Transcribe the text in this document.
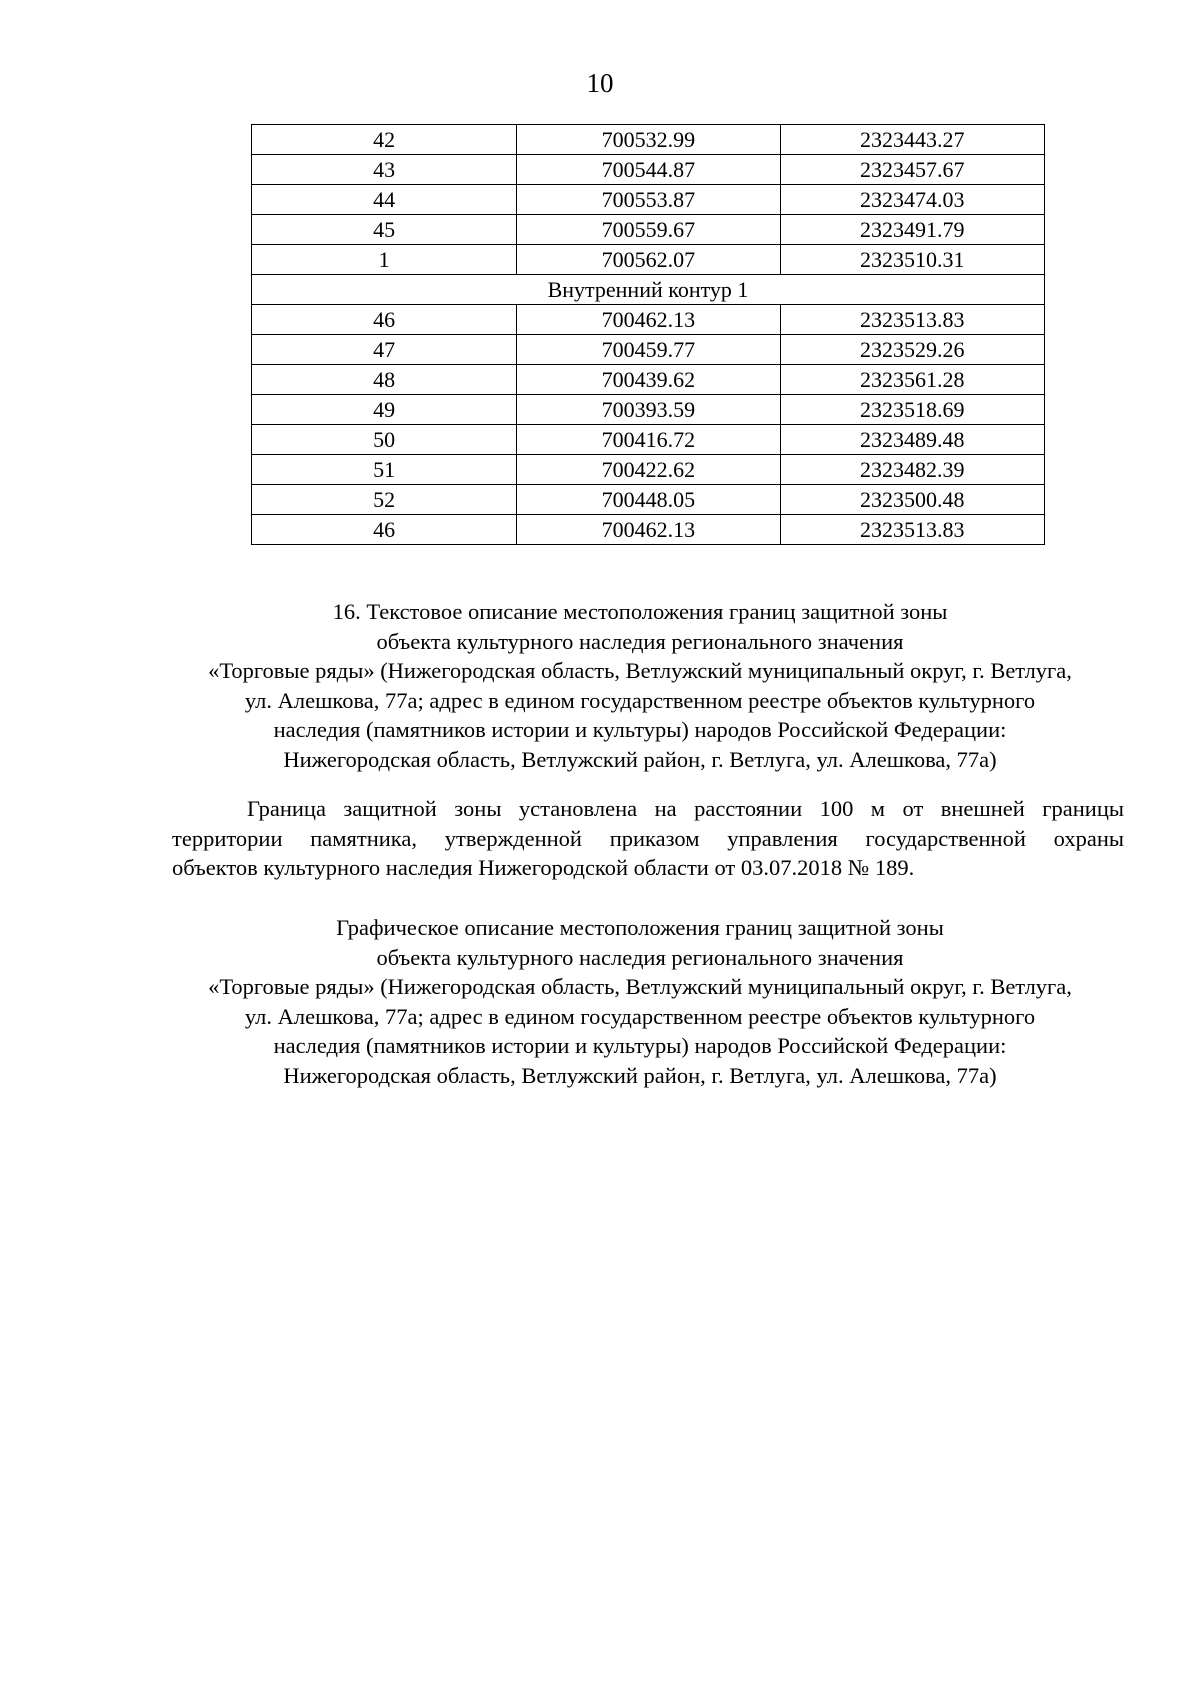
10
42	700532.99	2323443.27
43	700544.87	2323457.67
44	700553.87	2323474.03
45	700559.67	2323491.79
1	700562.07	2323510.31
Внутренний контур 1		
46	700462.13	2323513.83
47	700459.77	2323529.26
48	700439.62	2323561.28
49	700393.59	2323518.69
50	700416.72	2323489.48
51	700422.62	2323482.39
52	700448.05	2323500.48
46	700462.13	2323513.83
16. Текстовое описание местоположения границ защитной зоны
объекта культурного наследия регионального значения
«Торговые ряды» (Нижегородская область, Ветлужский муниципальный округ, г. Ветлуга,
ул. Алешкова, 77а; адрес в едином государственном реестре объектов культурного
наследия (памятников истории и культуры) народов Российской Федерации:
Нижегородская область, Ветлужский район, г. Ветлуга, ул. Алешкова, 77а)
Граница защитной зоны установлена на расстоянии 100 м от внешней границы
территории памятника, утвержденной приказом управления государственной охраны
объектов культурного наследия Нижегородской области от 03.07.2018 № 189.
Графическое описание местоположения границ защитной зоны
объекта культурного наследия регионального значения
«Торговые ряды» (Нижегородская область, Ветлужский муниципальный округ, г. Ветлуга,
ул. Алешкова, 77а; адрес в едином государственном реестре объектов культурного
наследия (памятников истории и культуры) народов Российской Федерации:
Нижегородская область, Ветлужский район, г. Ветлуга, ул. Алешкова, 77а)
